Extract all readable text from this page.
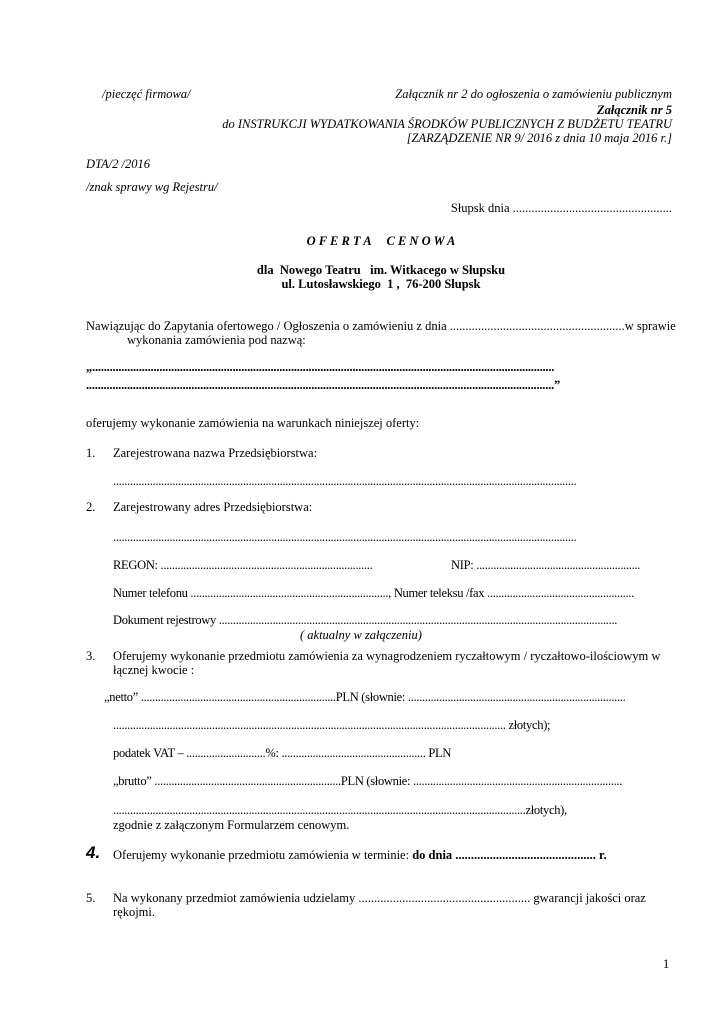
/pieczęć firmowa/	Załącznik nr 2 do ogłoszenia o zamówieniu publicznym
Załącznik nr 5
do INSTRUKCJI WYDATKOWANIA ŚRODKÓW PUBLICZNYCH Z BUDŻETU TEATRU
[ZARZĄDZENIE NR 9/ 2016 z dnia 10 maja 2016 r.]
DTA/2 /2016
/znak sprawy wg Rejestru/
Słupsk dnia ...................................................
O F E R T A     C E N O W A
dla  Nowego Teatru   im. Witkacego w Słupsku
ul. Lutosławskiego  1 ,  76-200 Słupsk
Nawiązując do Zapytania ofertowego / Ogłoszenia o zamówieniu z dnia ........................................................w sprawie
wykonania zamówienia pod nazwą:
„..............................................................................................................................................................
................................................................................................................................................................”
oferujemy wykonanie zamówienia na warunkach niniejszej oferty:
1. Zarejestrowana nazwa Przedsiębiorstwa:
....................................................................................................................................................................
2. Zarejestrowany adres Przedsiębiorstwa:
....................................................................................................................................................................
REGON: ...........................................................................	NIP: ..........................................................
Numer telefonu ......................................................................, Numer teleksu /fax ....................................................
Dokument rejestrowy .............................................................................................................................................
( aktualny w załączeniu)
3. Oferujemy wykonanie przedmiotu zamówienia za wynagrodzeniem ryczałtowym / ryczałtowo-ilościowym w
łącznej kwocie :
„netto” .....................................................................PLN (słownie: .............................................................................
........................................................................................................................................... złotych);
podatek VAT – ............................%: ................................................... PLN
„brutto” ..................................................................PLN (słownie: ..........................................................................
..................................................................................................................................................złotych),
zgodnie z załączonym Formularzem cenowym.
4. Oferujemy wykonanie przedmiotu zamówienia w terminie: do dnia ............................................. r.
5. Na wykonany przedmiot zamówienia udzielamy ....................................................... gwarancji jakości oraz
rękojmi.
1
